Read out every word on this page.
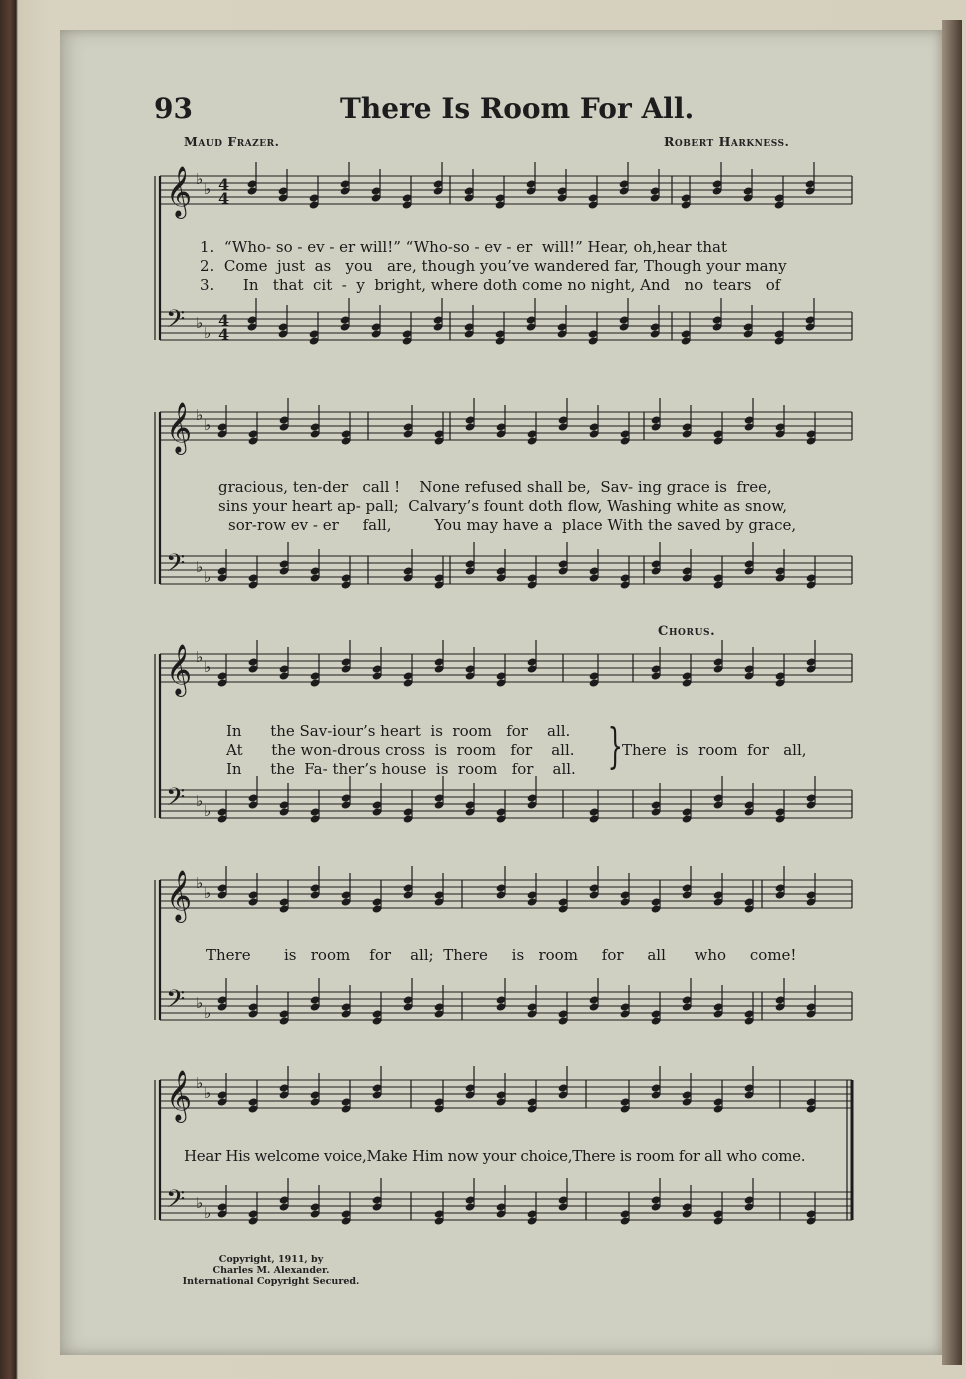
93	There Is Room For All.
Maud Frazer.	Robert Harkness.
𝄞 ♭
♭ 4
4
𝄢 ♭
♭
4
4
𝄞 ♭
♭
𝄢 ♭
♭
𝄞 ♭
♭
𝄢 ♭
♭
𝄞 ♭
♭
𝄢 ♭
♭
𝄞 ♭
♭
𝄢 ♭
♭
1.  “Who- so - ev - er will!” “Who-so - ev - er  will!” Hear, oh,hear that
2.  Come  just  as   you   are, though you’ve wandered far, Though your many
3.      In   that  cit  -  y  bright, where doth come no night, And   no  tears   of
gracious, ten-der   call !    None refused shall be,  Sav- ing grace is  free,
sins your heart ap- pall;  Calvary’s fount doth flow, Washing white as snow,
sor-row ev - er     fall,         You may have a  place With the saved by grace,
Chorus.
In      the Sav-iour’s heart  is  room   for    all.
At      the won-drous cross  is  room   for    all.
In      the  Fa- ther’s house  is  room   for    all. } There  is  room  for   all,
There       is   room    for    all;  There     is   room     for     all      who     come!
Hear His welcome voice,Make Him now your choice,There is room for all who come.
Copyright, 1911, by
Charles M. Alexander.
International Copyright Secured.
